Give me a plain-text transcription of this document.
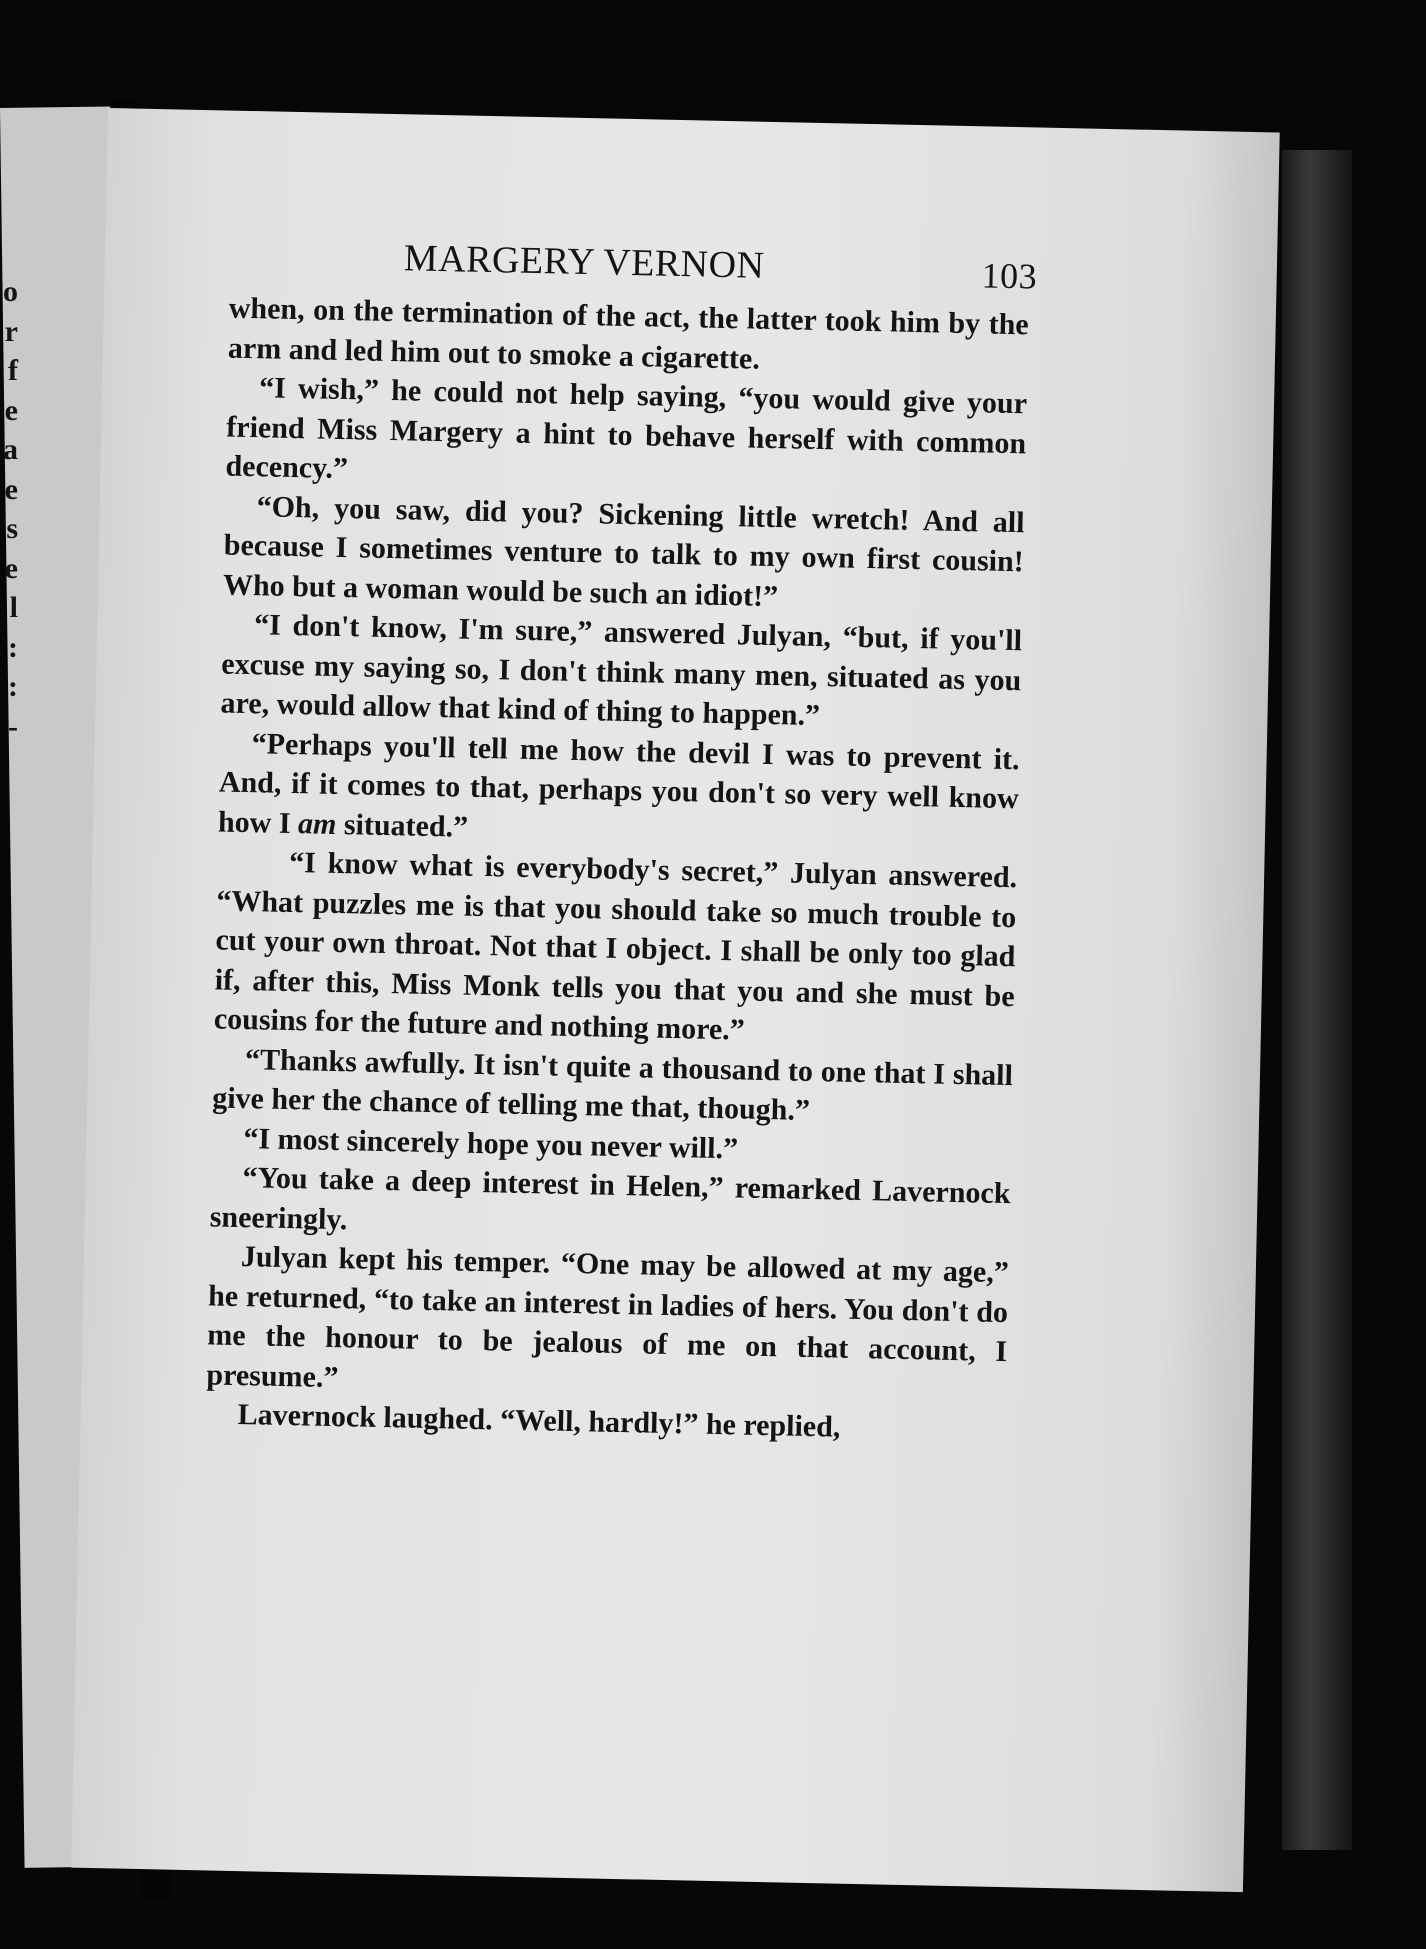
o
r
f
e
a
e
s
e
l
:
:
-
MARGERY VERNON	103

when, on the termination of the act, the latter took him by the arm and led him out to smoke a cigarette.

“I wish,” he could not help saying, “you would give your friend Miss Margery a hint to behave herself with common decency.”

“Oh, you saw, did you? Sickening little wretch! And all because I sometimes venture to talk to my own first cousin! Who but a woman would be such an idiot!”

“I don't know, I'm sure,” answered Julyan, “but, if you'll excuse my saying so, I don't think many men, situated as you are, would allow that kind of thing to happen.”

“Perhaps you'll tell me how the devil I was to prevent it. And, if it comes to that, perhaps you don't so very well know how I am situated.”

“I know what is everybody's secret,” Julyan answered. “What puzzles me is that you should take so much trouble to cut your own throat. Not that I object. I shall be only too glad if, after this, Miss Monk tells you that you and she must be cousins for the future and nothing more.”

“Thanks awfully. It isn't quite a thousand to one that I shall give her the chance of telling me that, though.”

“I most sincerely hope you never will.”

“You take a deep interest in Helen,” remarked Lavernock sneeringly.

Julyan kept his temper. “One may be allowed at my age,” he returned, “to take an interest in ladies of hers. You don't do me the honour to be jealous of me on that account, I presume.”

Lavernock laughed. “Well, hardly!” he replied,
